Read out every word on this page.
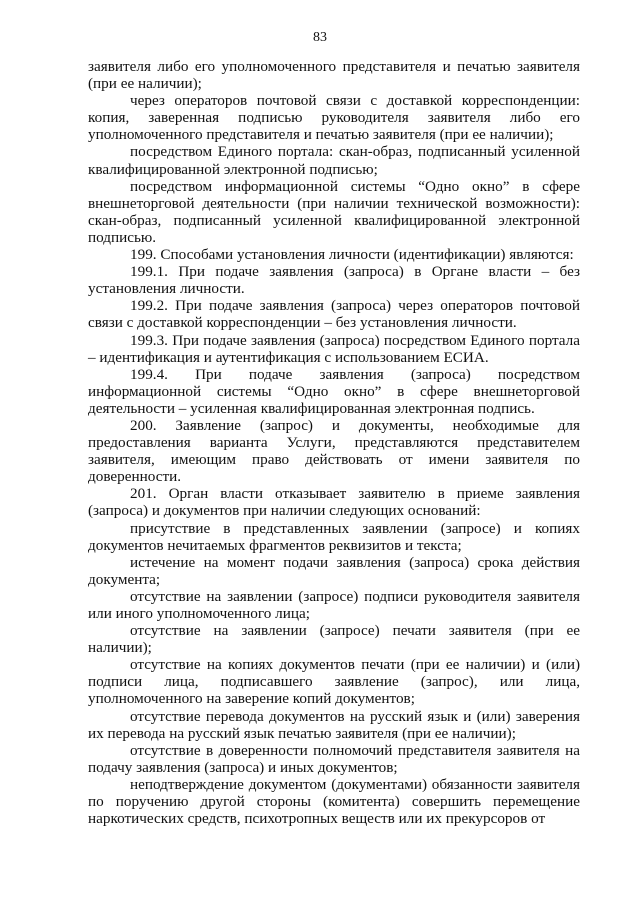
83

заявителя либо его уполномоченного представителя и печатью заявителя (при ее наличии);

через операторов почтовой связи с доставкой корреспонденции: копия, заверенная подписью руководителя заявителя либо его уполномоченного представителя и печатью заявителя (при ее наличии);

посредством Единого портала: скан-образ, подписанный усиленной квалифицированной электронной подписью;

посредством информационной системы “Одно окно” в сфере внешнеторговой деятельности (при наличии технической возможности): скан-образ, подписанный усиленной квалифицированной электронной подписью.

199. Способами установления личности (идентификации) являются:

199.1. При подаче заявления (запроса) в Органе власти – без установления личности.

199.2. При подаче заявления (запроса) через операторов почтовой связи с доставкой корреспонденции – без установления личности.

199.3. При подаче заявления (запроса) посредством Единого портала – идентификация и аутентификация с использованием ЕСИА.

199.4. При подаче заявления (запроса) посредством информационной системы “Одно окно” в сфере внешнеторговой деятельности – усиленная квалифицированная электронная подпись.

200. Заявление (запрос) и документы, необходимые для предоставления варианта Услуги, представляются представителем заявителя, имеющим право действовать от имени заявителя по доверенности.

201. Орган власти отказывает заявителю в приеме заявления (запроса) и документов при наличии следующих оснований:

присутствие в представленных заявлении (запросе) и копиях документов нечитаемых фрагментов реквизитов и текста;

истечение на момент подачи заявления (запроса) срока действия документа;

отсутствие на заявлении (запросе) подписи руководителя заявителя или иного уполномоченного лица;

отсутствие на заявлении (запросе) печати заявителя (при ее наличии);

отсутствие на копиях документов печати (при ее наличии) и (или) подписи лица, подписавшего заявление (запрос), или лица, уполномоченного на заверение копий документов;

отсутствие перевода документов на русский язык и (или) заверения их перевода на русский язык печатью заявителя (при ее наличии);

отсутствие в доверенности полномочий представителя заявителя на подачу заявления (запроса) и иных документов;

неподтверждение документом (документами) обязанности заявителя по поручению другой стороны (комитента) совершить перемещение наркотических средств, психотропных веществ или их прекурсоров от
